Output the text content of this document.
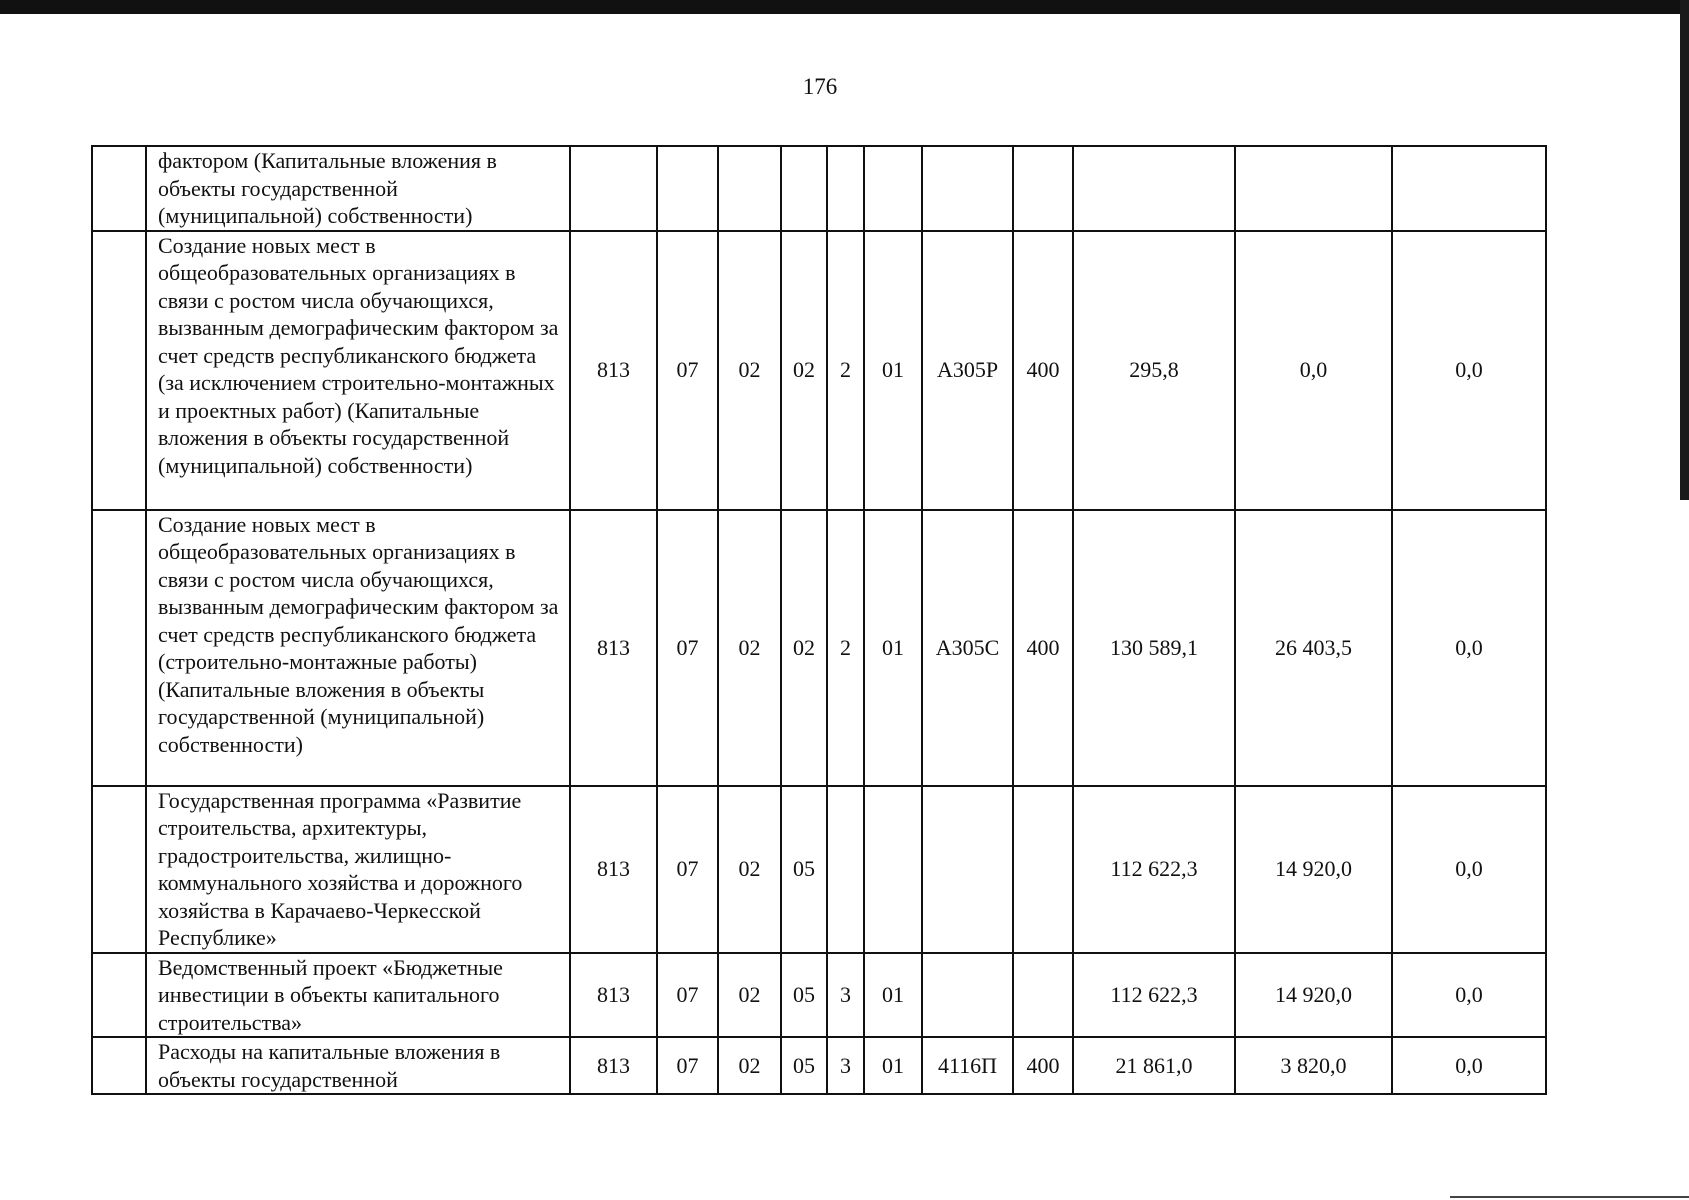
176
	фактором (Капитальные вложения в объекты государственной (муниципальной) собственности)											
	Создание новых мест в общеобразовательных организациях в связи с ростом числа обучающихся, вызванным демографическим фактором за счет средств республиканского бюджета (за исключением строительно-монтажных и проектных работ) (Капитальные вложения в объекты государственной (муниципальной) собственности)	813	07	02	02	2	01	А305Р	400	295,8	0,0	0,0
	Создание новых мест в общеобразовательных организациях в связи с ростом числа обучающихся, вызванным демографическим фактором за счет средств республиканского бюджета (строительно-монтажные работы) (Капитальные вложения в объекты государственной (муниципальной) собственности)	813	07	02	02	2	01	А305С	400	130 589,1	26 403,5	0,0
	Государственная программа «Развитие строительства, архитектуры, градостроительства, жилищно-коммунального хозяйства и дорожного хозяйства в Карачаево-Черкесской Республике»	813	07	02	05					112 622,3	14 920,0	0,0
	Ведомственный проект «Бюджетные инвестиции в объекты капитального строительства»	813	07	02	05	3	01			112 622,3	14 920,0	0,0
	Расходы на капитальные вложения в объекты государственной	813	07	02	05	3	01	4116П	400	21 861,0	3 820,0	0,0
